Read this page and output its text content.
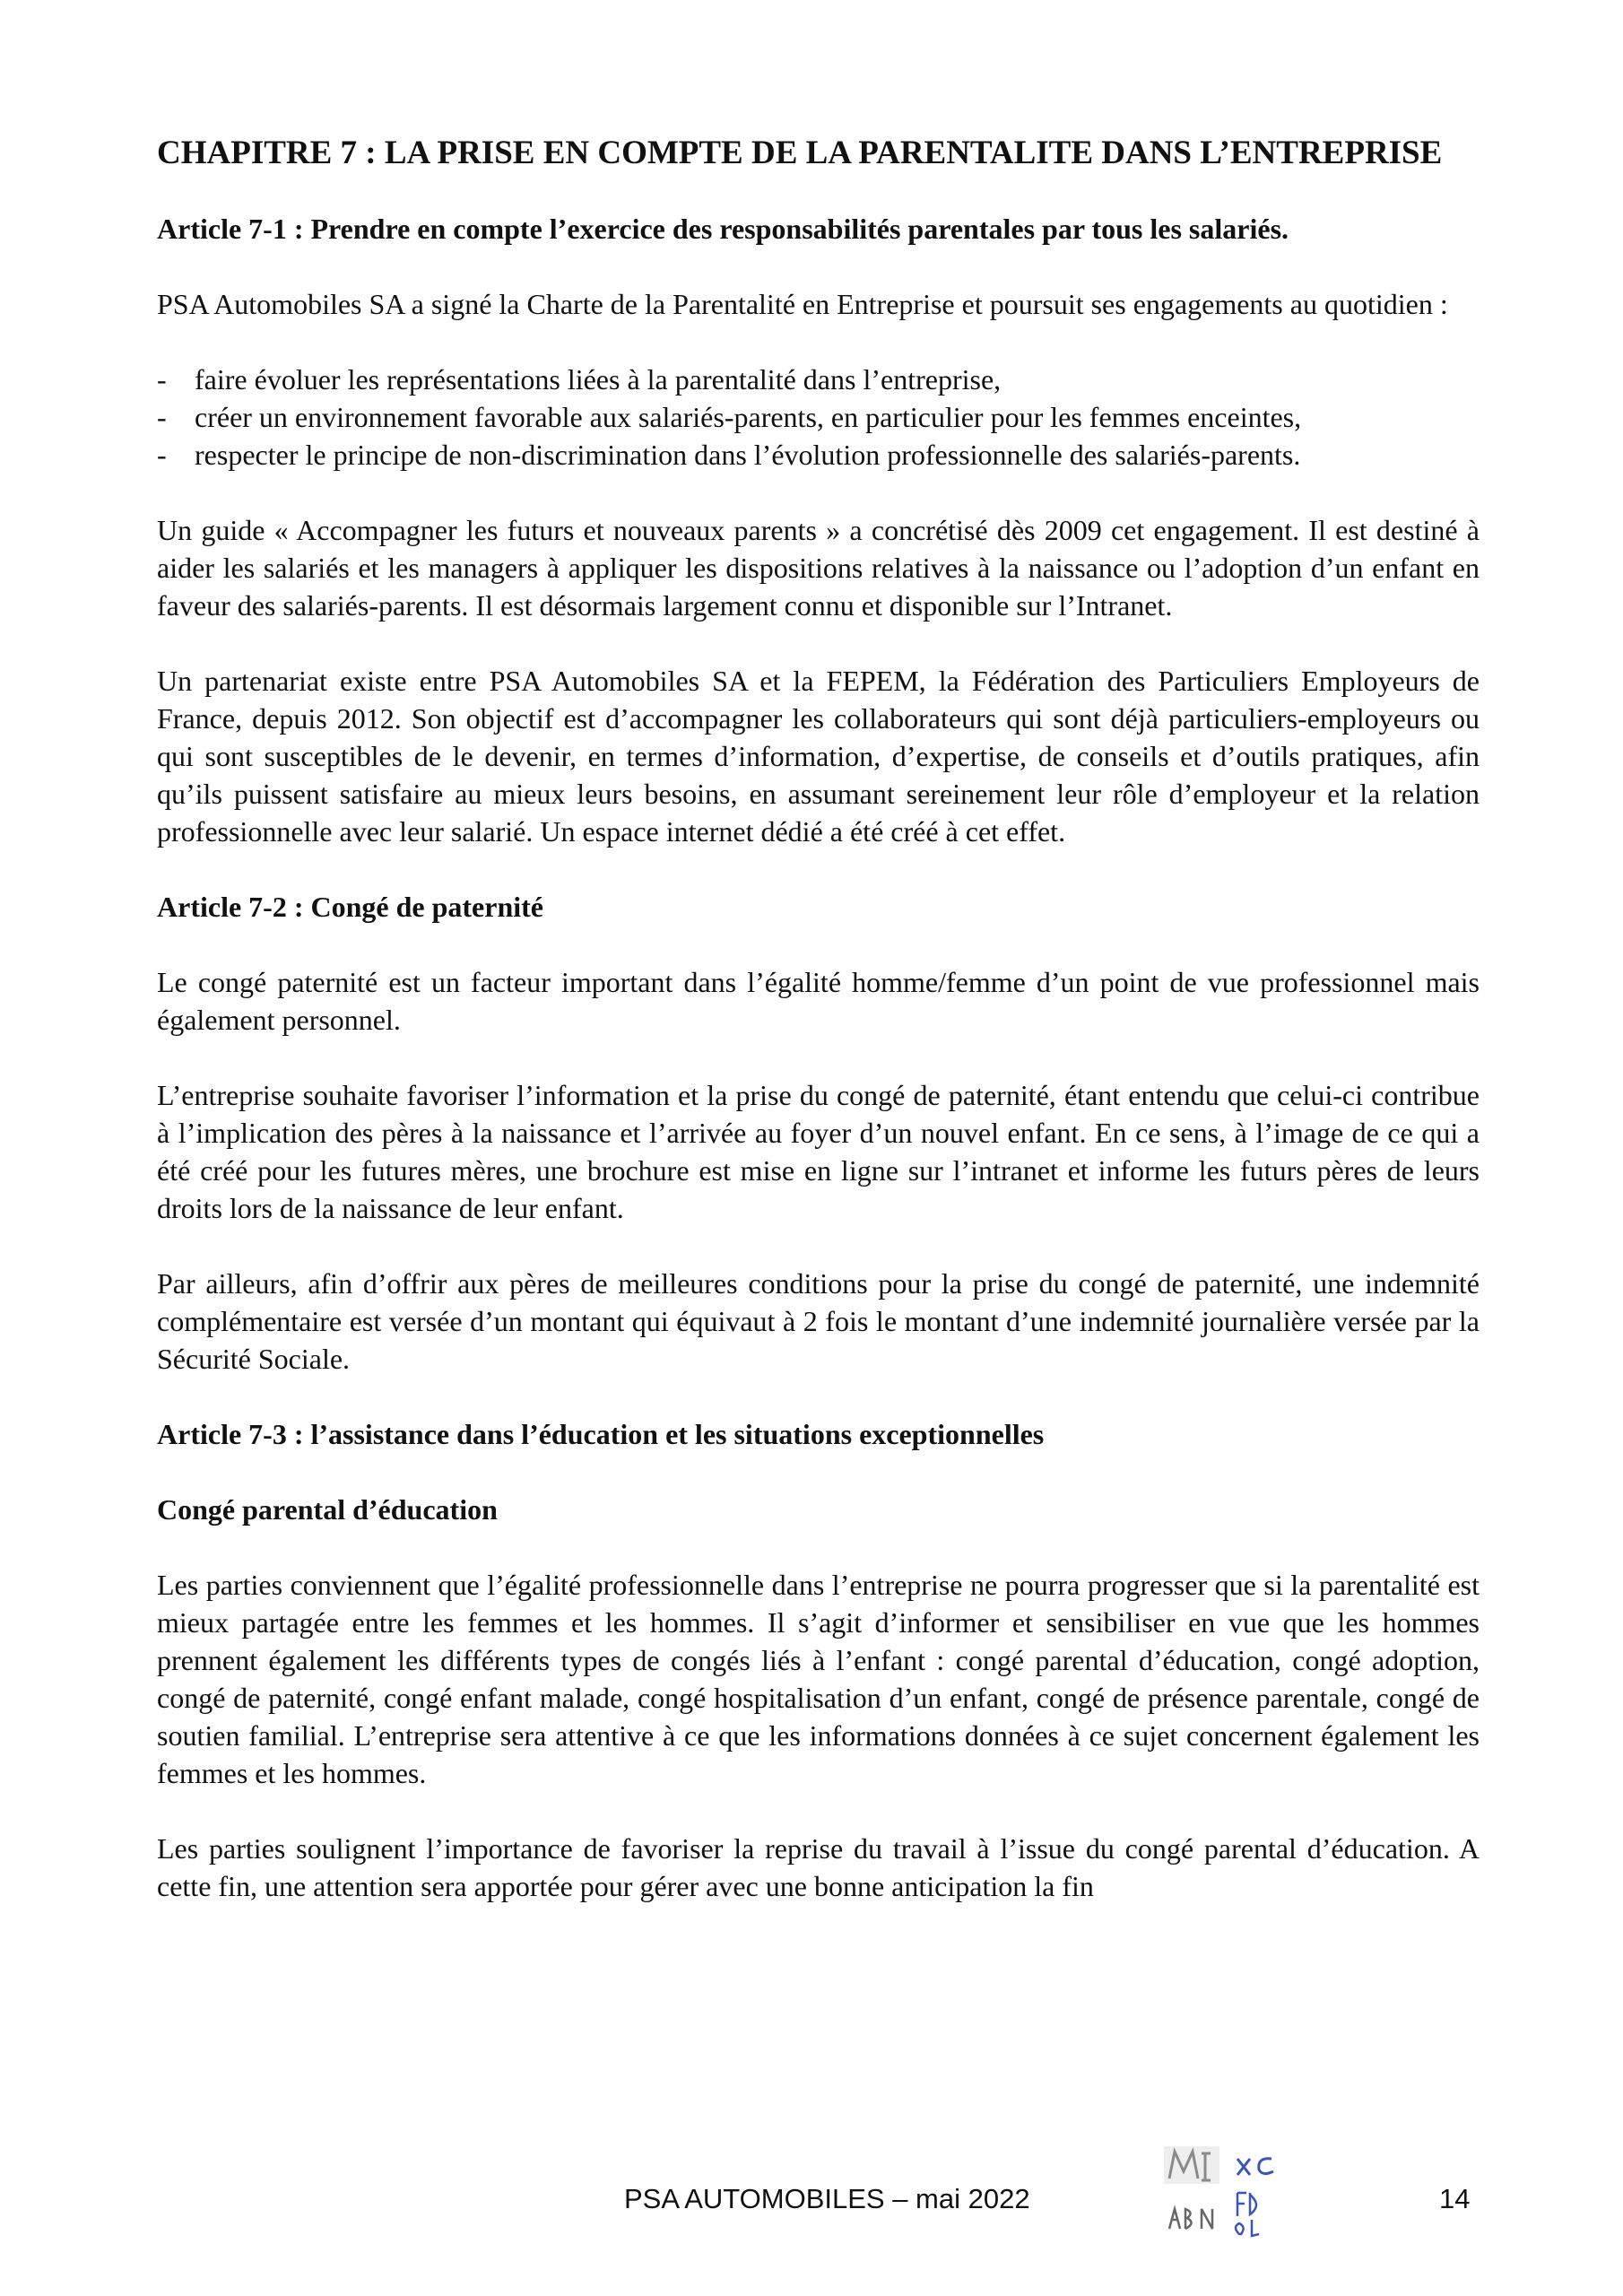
CHAPITRE 7 : LA PRISE EN COMPTE DE LA PARENTALITE DANS L’ENTREPRISE
Article 7-1 : Prendre en compte l’exercice des responsabilités parentales par tous les salariés.

PSA Automobiles SA a signé la Charte de la Parentalité en Entreprise et poursuit ses engagements au quotidien :

- faire évoluer les représentations liées à la parentalité dans l’entreprise,
- créer un environnement favorable aux salariés-parents, en particulier pour les femmes enceintes,
- respecter le principe de non-discrimination dans l’évolution professionnelle des salariés-parents.

Un guide « Accompagner les futurs et nouveaux parents » a concrétisé dès 2009 cet engagement. Il est destiné à aider les salariés et les managers à appliquer les dispositions relatives à la naissance ou l’adoption d’un enfant en faveur des salariés-parents. Il est désormais largement connu et disponible sur l’Intranet.

Un partenariat existe entre PSA Automobiles SA et la FEPEM, la Fédération des Particuliers Employeurs de France, depuis 2012. Son objectif est d’accompagner les collaborateurs qui sont déjà particuliers-employeurs ou qui sont susceptibles de le devenir, en termes d’information, d’expertise, de conseils et d’outils pratiques, afin qu’ils puissent satisfaire au mieux leurs besoins, en assumant sereinement leur rôle d’employeur et la relation professionnelle avec leur salarié. Un espace internet dédié a été créé à cet effet.

Article 7-2 : Congé de paternité

Le congé paternité est un facteur important dans l’égalité homme/femme d’un point de vue professionnel mais également personnel.

L’entreprise souhaite favoriser l’information et la prise du congé de paternité, étant entendu que celui-ci contribue à l’implication des pères à la naissance et l’arrivée au foyer d’un nouvel enfant. En ce sens, à l’image de ce qui a été créé pour les futures mères, une brochure est mise en ligne sur l’intranet et informe les futurs pères de leurs droits lors de la naissance de leur enfant.

Par ailleurs, afin d’offrir aux pères de meilleures conditions pour la prise du congé de paternité, une indemnité complémentaire est versée d’un montant qui équivaut à 2 fois le montant d’une indemnité journalière versée par la Sécurité Sociale.

Article 7-3 : l’assistance dans l’éducation et les situations exceptionnelles
Congé parental d’éducation

Les parties conviennent que l’égalité professionnelle dans l’entreprise ne pourra progresser que si la parentalité est mieux partagée entre les femmes et les hommes. Il s’agit d’informer et sensibiliser en vue que les hommes prennent également les différents types de congés liés à l’enfant : congé parental d’éducation, congé adoption, congé de paternité, congé enfant malade, congé hospitalisation d’un enfant, congé de présence parentale, congé de soutien familial. L’entreprise sera attentive à ce que les informations données à ce sujet concernent également les femmes et les hommes.

Les parties soulignent l’importance de favoriser la reprise du travail à l’issue du congé parental d’éducation. A cette fin, une attention sera apportée pour gérer avec une bonne anticipation la fin

PSA AUTOMOBILES – mai 2022	14
